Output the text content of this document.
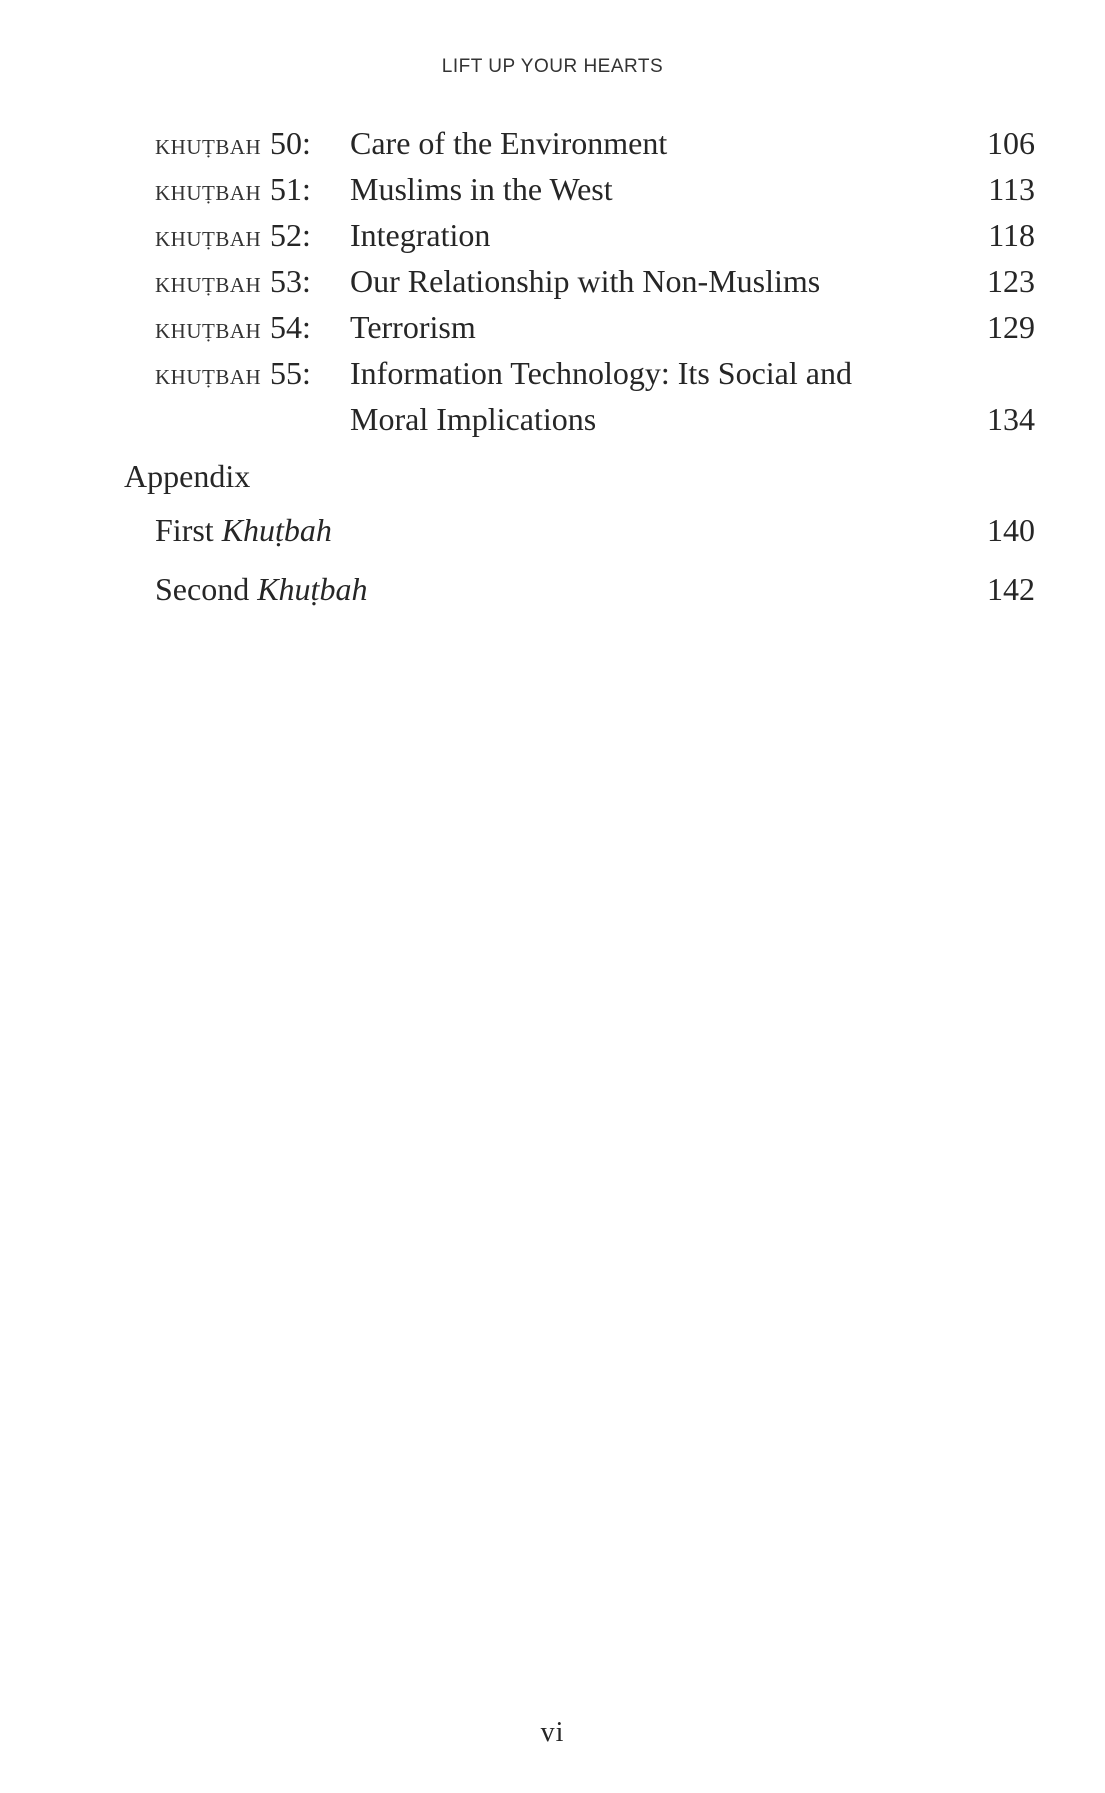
LIFT UP YOUR HEARTS
KHUṬBAH 50:	Care of the Environment	106
KHUṬBAH 51:	Muslims in the West	113
KHUṬBAH 52:	Integration	118
KHUṬBAH 53:	Our Relationship with Non-Muslims	123
KHUṬBAH 54:	Terrorism	129
KHUṬBAH 55:	Information Technology: Its Social and
Moral Implications	134
Appendix
First Khuṭbah	140
Second Khuṭbah	142
vi
